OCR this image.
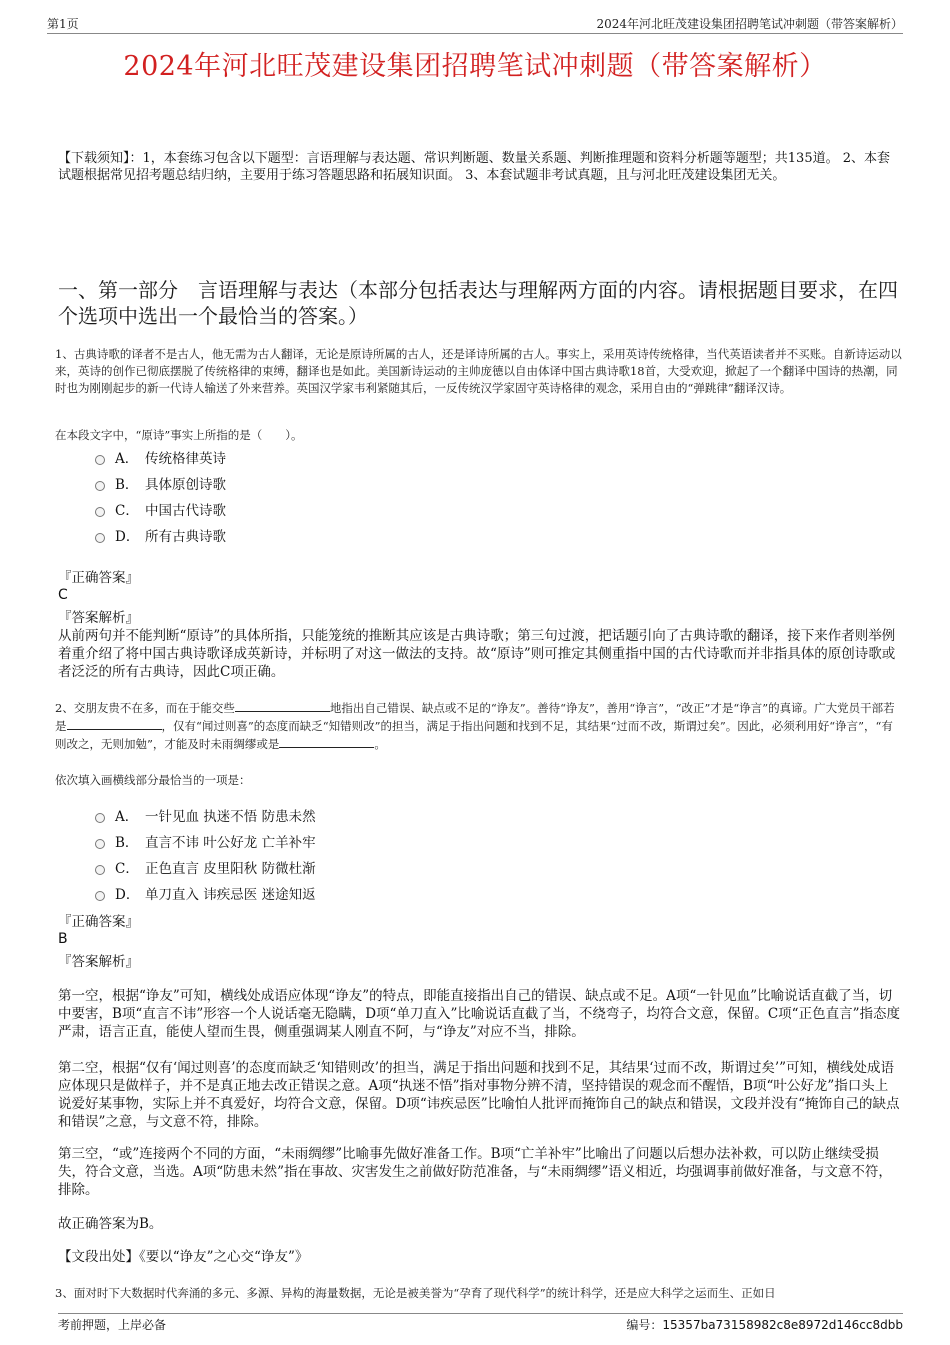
第1页	2024年河北旺茂建设集团招聘笔试冲刺题（带答案解析）
2024年河北旺茂建设集团招聘笔试冲刺题（带答案解析）
【下载须知】：1，本套练习包含以下题型：言语理解与表达题、常识判断题、数量关系题、判断推理题和资料分析题等题型；共135道。 2、本套试题根据常见招考题总结归纳，主要用于练习答题思路和拓展知识面。 3、本套试题非考试真题，且与河北旺茂建设集团无关。
一、第一部分　言语理解与表达（本部分包括表达与理解两方面的内容。请根据题目要求，在四个选项中选出一个最恰当的答案。）
1、古典诗歌的译者不是古人，他无需为古人翻译，无论是原诗所属的古人，还是译诗所属的古人。事实上，采用英诗传统格律，当代英语读者并不买账。自新诗运动以来，英诗的创作已彻底摆脱了传统格律的束缚，翻译也是如此。美国新诗运动的主帅庞德以自由体译中国古典诗歌18首，大受欢迎，掀起了一个翻译中国诗的热潮，同时也为刚刚起步的新一代诗人输送了外来营养。英国汉学家韦利紧随其后，一反传统汉学家固守英诗格律的观念，采用自由的“弹跳律”翻译汉诗。
在本段文字中，“原诗”事实上所指的是（　　）。
A． 传统格律英诗
B． 具体原创诗歌
C． 中国古代诗歌
D． 所有古典诗歌
『正确答案』
C
『答案解析』
从前两句并不能判断“原诗”的具体所指，只能笼统的推断其应该是古典诗歌；第三句过渡，把话题引向了古典诗歌的翻译，接下来作者则举例着重介绍了将中国古典诗歌译成英新诗，并标明了对这一做法的支持。故“原诗”则可推定其侧重指中国的古代诗歌而并非指具体的原创诗歌或者泛泛的所有古典诗，因此C项正确。
2、交朋友贵不在多，而在于能交些	地指出自己错误、缺点或不足的“诤友”。善待“诤友”，善用“诤言”，“改正”才是“诤言”的真谛。广大党员干部若是	，仅有“闻过则喜”的态度而缺乏“知错则改”的担当，满足于指出问题和找到不足，其结果“过而不改，斯谓过矣”。因此，必须利用好“诤言”，“有则改之，无则加勉”，才能及时未雨绸缪或是	。
依次填入画横线部分最恰当的一项是：
A． 一针见血 执迷不悟 防患未然
B． 直言不讳 叶公好龙 亡羊补牢
C． 正色直言 皮里阳秋 防微杜渐
D． 单刀直入 讳疾忌医 迷途知返
『正确答案』
B
『答案解析』
第一空，根据“诤友”可知，横线处成语应体现“诤友”的特点，即能直接指出自己的错误、缺点或不足。A项“一针见血”比喻说话直截了当，切中要害，B项“直言不讳”形容一个人说话毫无隐瞒，D项“单刀直入”比喻说话直截了当，不绕弯子，均符合文意，保留。C项“正色直言”指态度严肃，语言正直，能使人望而生畏，侧重强调某人刚直不阿，与“诤友”对应不当，排除。
第二空，根据“仅有‘闻过则喜’的态度而缺乏‘知错则改’的担当，满足于指出问题和找到不足，其结果‘过而不改，斯谓过矣’”可知，横线处成语应体现只是做样子，并不是真正地去改正错误之意。A项“执迷不悟”指对事物分辨不清，坚持错误的观念而不醒悟，B项“叶公好龙”指口头上说爱好某事物，实际上并不真爱好，均符合文意，保留。D项“讳疾忌医”比喻怕人批评而掩饰自己的缺点和错误，文段并没有“掩饰自己的缺点和错误”之意，与文意不符，排除。
第三空，“或”连接两个不同的方面，“未雨绸缪”比喻事先做好准备工作。B项“亡羊补牢”比喻出了问题以后想办法补救，可以防止继续受损失，符合文意，当选。A项“防患未然”指在事故、灾害发生之前做好防范准备，与“未雨绸缪”语义相近，均强调事前做好准备，与文意不符，排除。
故正确答案为B。
【文段出处】《要以“诤友”之心交“诤友”》
3、面对时下大数据时代奔涌的多元、多源、异构的海量数据，无论是被美誉为“孕育了现代科学”的统计科学，还是应大科学之运而生、正如日
考前押题，上岸必备	编号：15357ba73158982c8e8972d146cc8dbb
